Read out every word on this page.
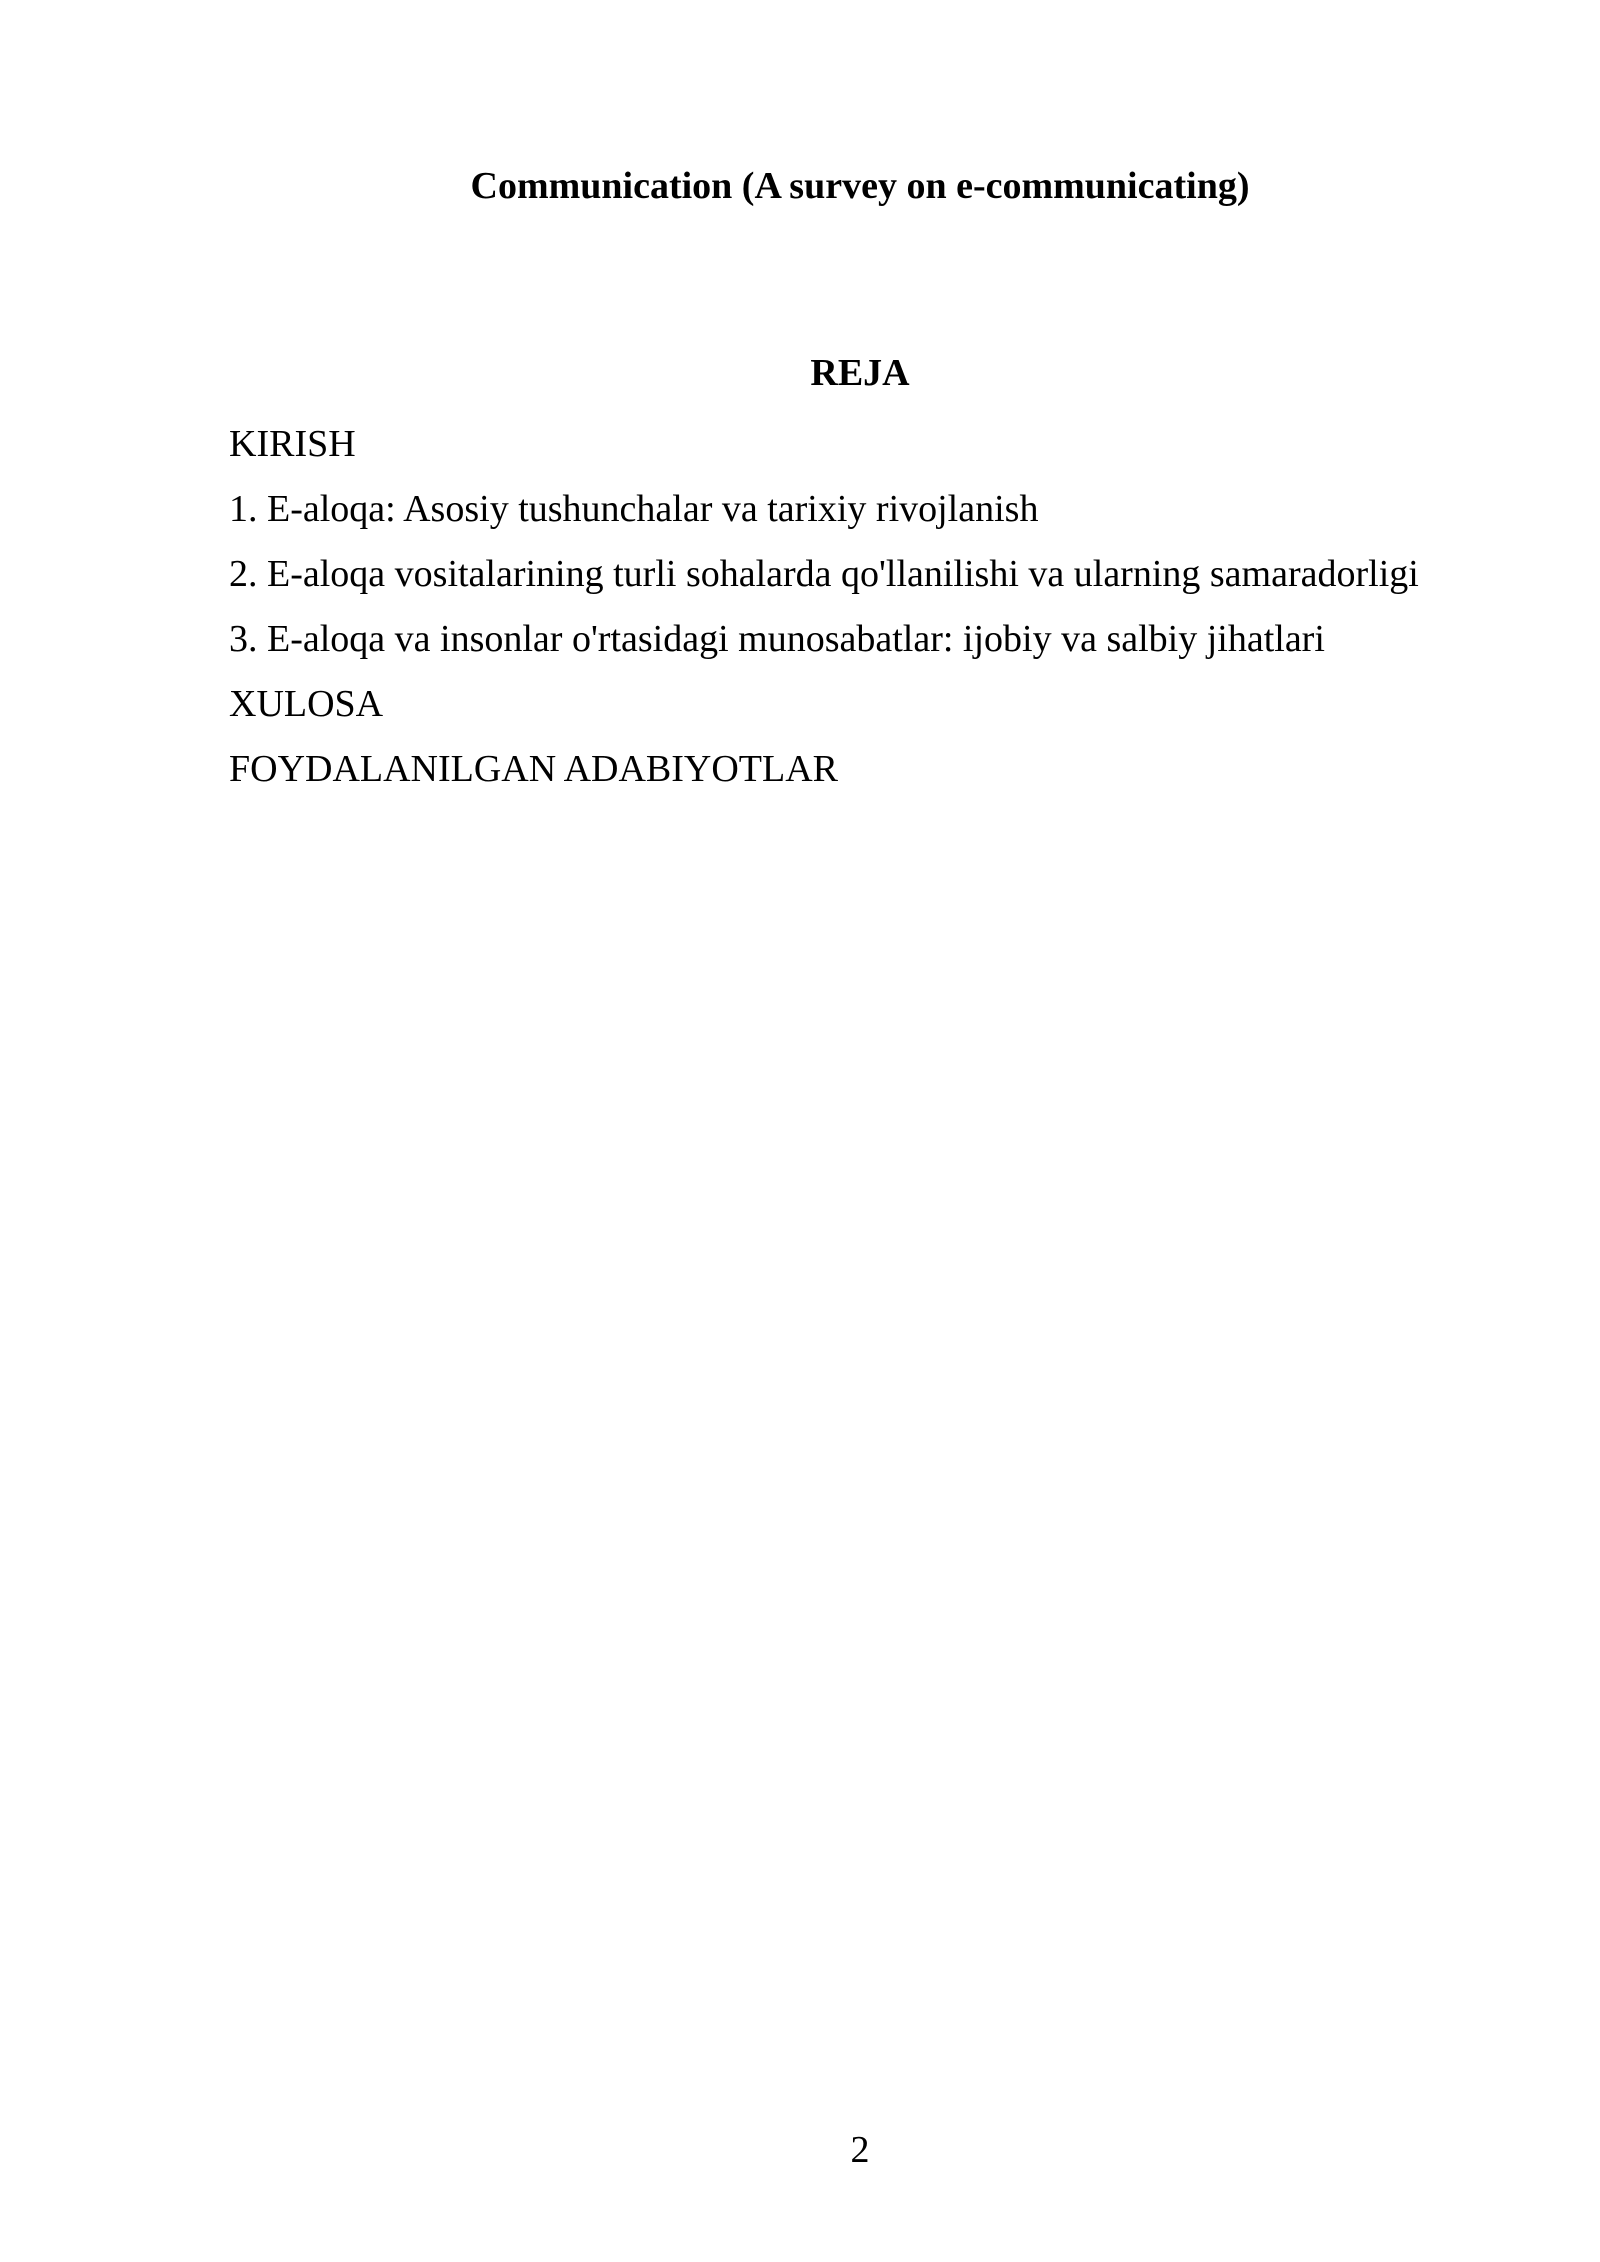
Communication (A survey on e-communicating)
REJA
KIRISH
1. E-aloqa: Asosiy tushunchalar va tarixiy rivojlanish
2. E-aloqa vositalarining turli sohalarda qo'llanilishi va ularning samaradorligi
3. E-aloqa va insonlar o'rtasidagi munosabatlar: ijobiy va salbiy jihatlari
XULOSA
FOYDALANILGAN ADABIYOTLAR
2
